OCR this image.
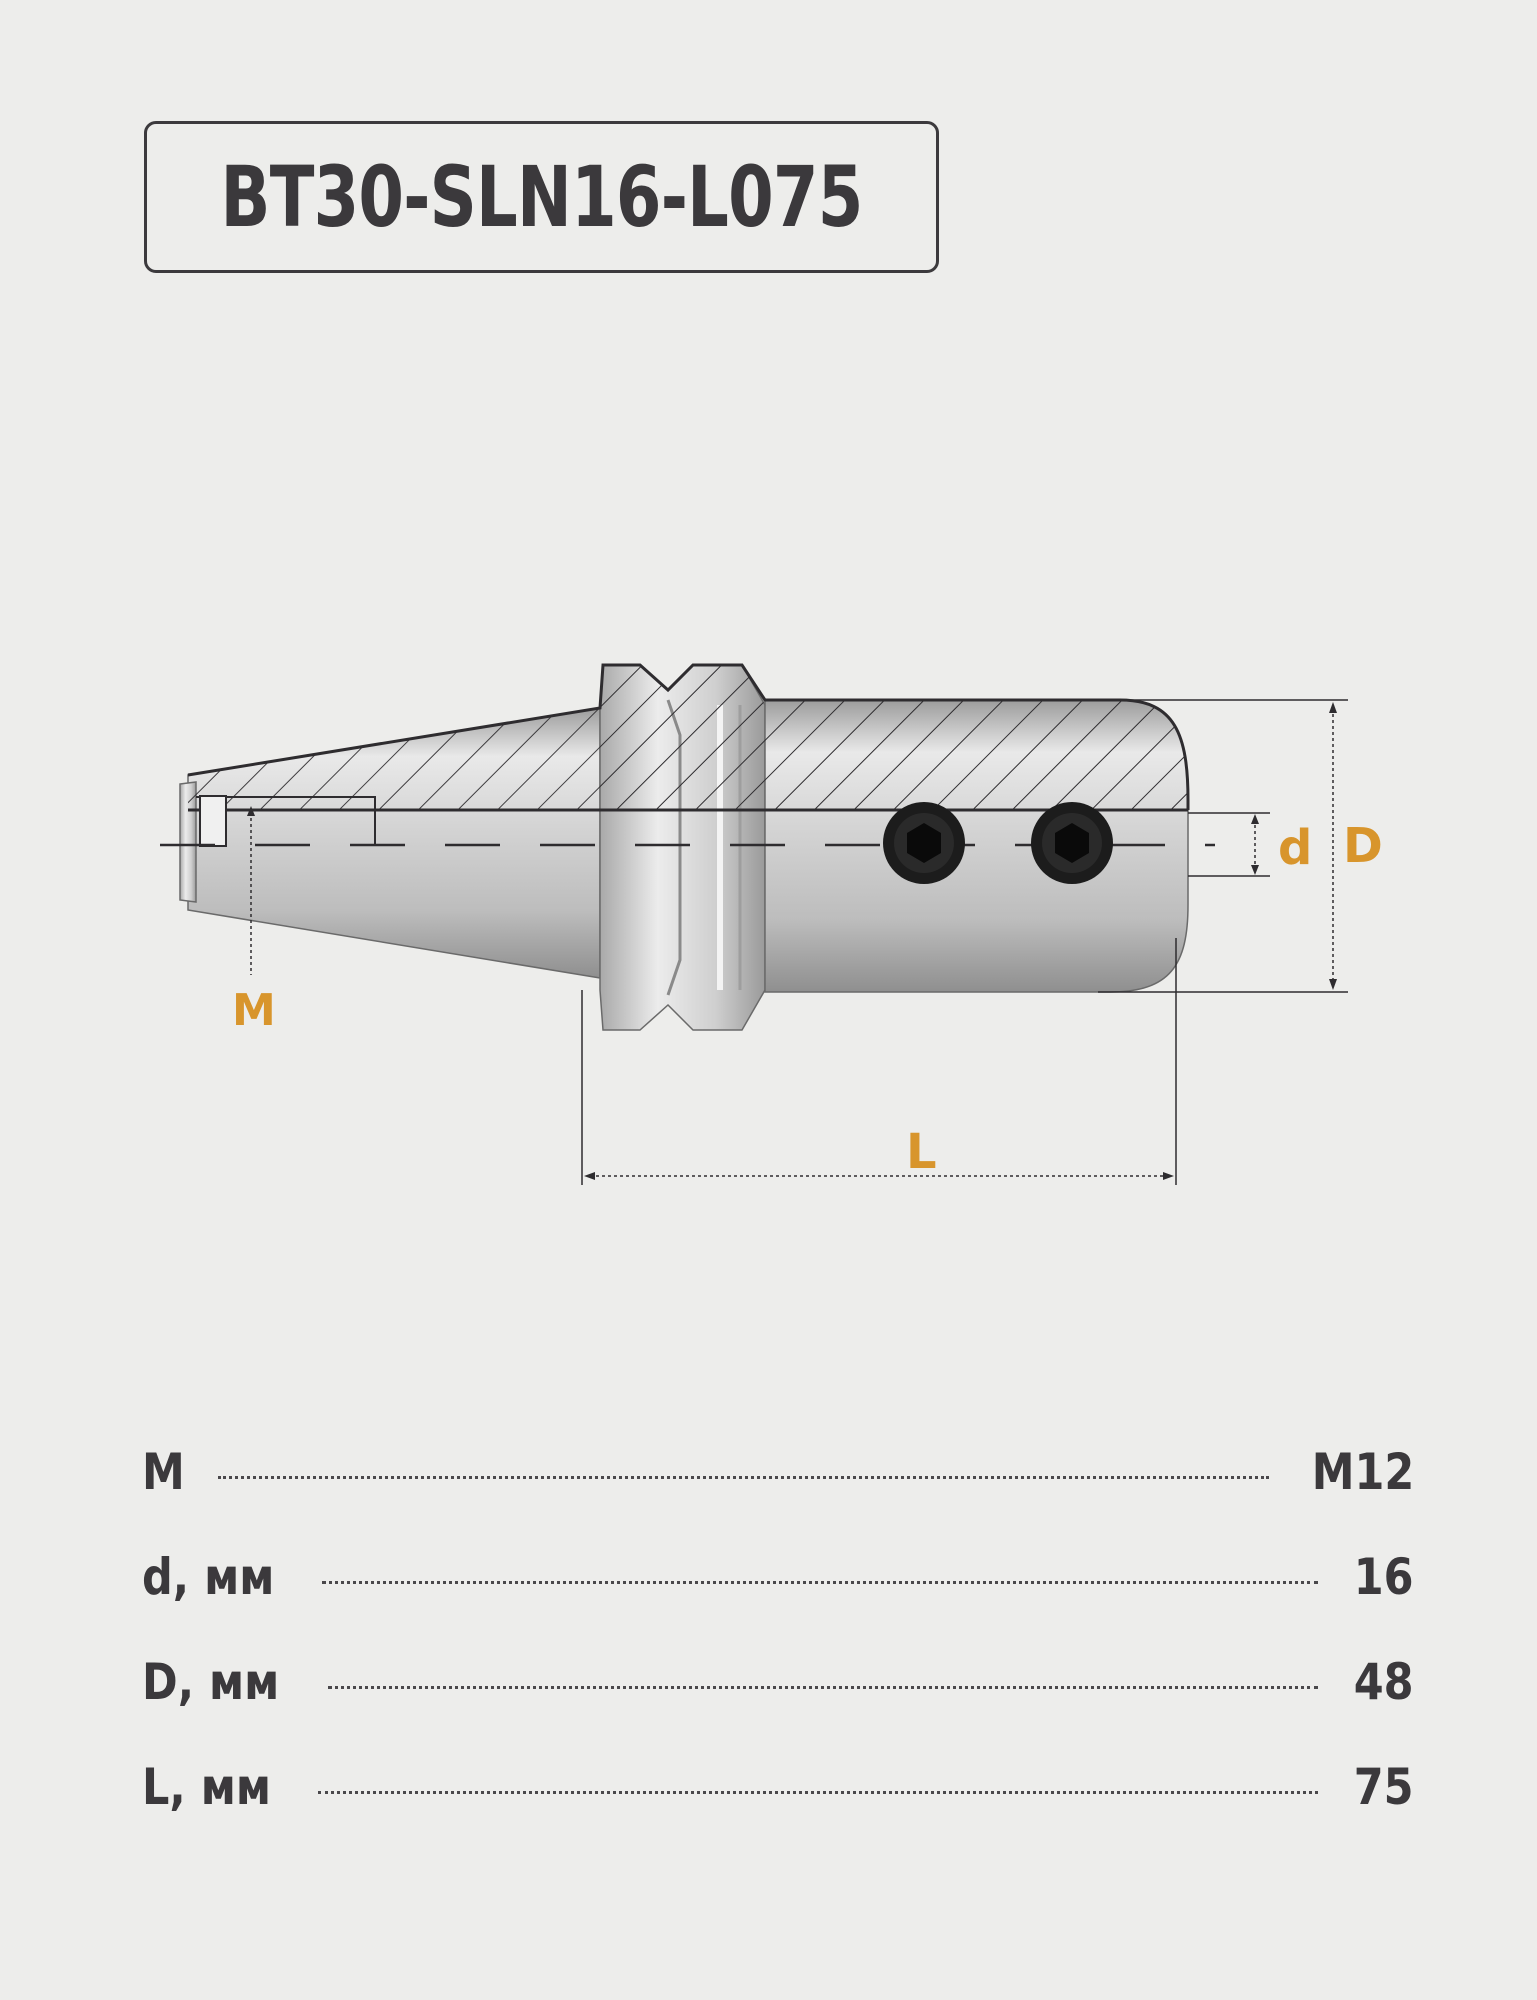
BT30-SLN16-L075
d D
L
M
M	M12
d, мм	16
D, мм	48
L, мм	75
